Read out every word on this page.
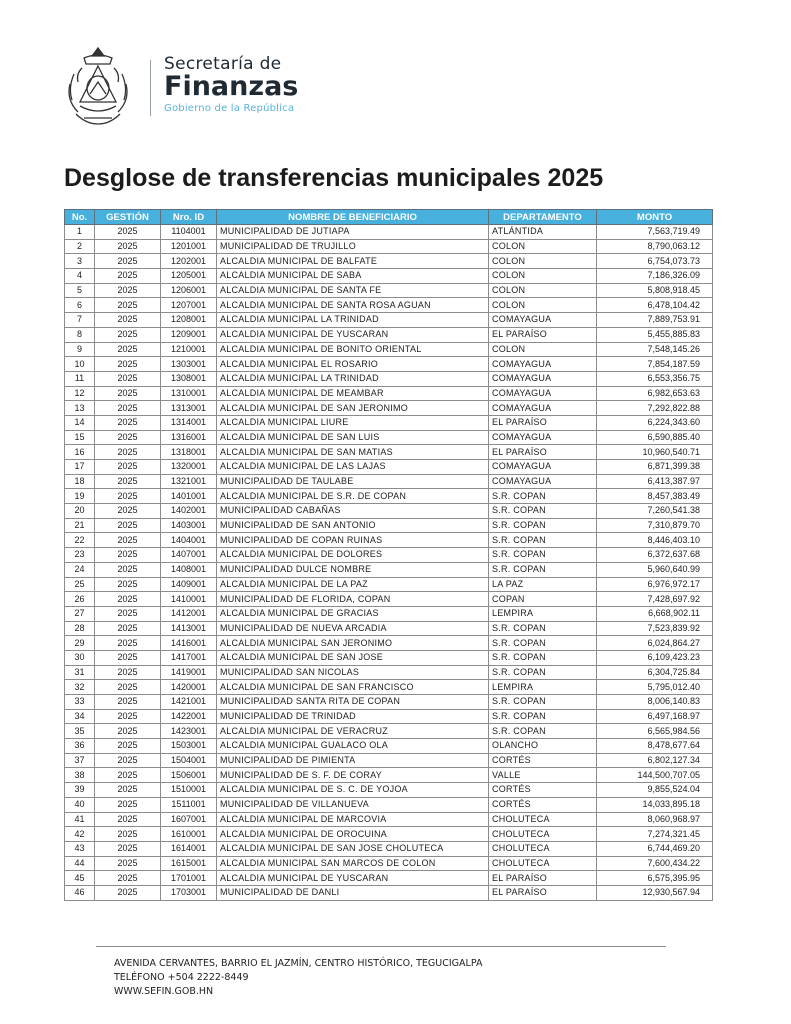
Secretaría de
Finanzas
Gobierno de la República
Desglose de transferencias municipales 2025
No.	GESTIÓN	Nro. ID	NOMBRE DE BENEFICIARIO	DEPARTAMENTO	MONTO
1	2025	1104001	MUNICIPALIDAD DE JUTIAPA	ATLÁNTIDA	7,563,719.49
2	2025	1201001	MUNICIPALIDAD DE TRUJILLO	COLON	8,790,063.12
3	2025	1202001	ALCALDIA MUNICIPAL DE BALFATE	COLON	6,754,073.73
4	2025	1205001	ALCALDIA MUNICIPAL DE SABA	COLON	7,186,326.09
5	2025	1206001	ALCALDIA MUNICIPAL DE SANTA FE	COLON	5,808,918.45
6	2025	1207001	ALCALDIA MUNICIPAL DE SANTA ROSA AGUAN	COLON	6,478,104.42
7	2025	1208001	ALCALDIA MUNICIPAL LA TRINIDAD	COMAYAGUA	7,889,753.91
8	2025	1209001	ALCALDIA MUNICIPAL DE YUSCARAN	EL PARAÍSO	5,455,885.83
9	2025	1210001	ALCALDIA MUNICIPAL DE BONITO ORIENTAL	COLON	7,548,145.26
10	2025	1303001	ALCALDIA MUNICIPAL EL ROSARIO	COMAYAGUA	7,854,187.59
11	2025	1308001	ALCALDIA MUNICIPAL LA TRINIDAD	COMAYAGUA	6,553,356.75
12	2025	1310001	ALCALDIA MUNICIPAL DE MEAMBAR	COMAYAGUA	6,982,653.63
13	2025	1313001	ALCALDIA MUNICIPAL DE SAN JERONIMO	COMAYAGUA	7,292,822.88
14	2025	1314001	ALCALDIA MUNICIPAL LIURE	EL PARAÍSO	6,224,343.60
15	2025	1316001	ALCALDIA MUNICIPAL DE SAN LUIS	COMAYAGUA	6,590,885.40
16	2025	1318001	ALCALDIA MUNICIPAL DE SAN MATIAS	EL PARAÍSO	10,960,540.71
17	2025	1320001	ALCALDIA MUNICIPAL DE LAS LAJAS	COMAYAGUA	6,871,399.38
18	2025	1321001	MUNICIPALIDAD DE TAULABE	COMAYAGUA	6,413,387.97
19	2025	1401001	ALCALDIA MUNICIPAL DE S.R. DE COPAN	S.R. COPAN	8,457,383.49
20	2025	1402001	MUNICIPALIDAD CABAÑAS	S.R. COPAN	7,260,541.38
21	2025	1403001	MUNICIPALIDAD DE SAN ANTONIO	S.R. COPAN	7,310,879.70
22	2025	1404001	MUNICIPALIDAD DE COPAN RUINAS	S.R. COPAN	8,446,403.10
23	2025	1407001	ALCALDIA MUNICIPAL DE DOLORES	S.R. COPAN	6,372,637.68
24	2025	1408001	MUNICIPALIDAD DULCE NOMBRE	S.R. COPAN	5,960,640.99
25	2025	1409001	ALCALDIA MUNICIPAL DE LA PAZ	LA PAZ	6,976,972.17
26	2025	1410001	MUNICIPALIDAD DE FLORIDA, COPAN	COPAN	7,428,697.92
27	2025	1412001	ALCALDIA MUNICIPAL DE GRACIAS	LEMPIRA	6,668,902.11
28	2025	1413001	MUNICIPALIDAD DE NUEVA ARCADIA	S.R. COPAN	7,523,839.92
29	2025	1416001	ALCALDIA MUNICIPAL SAN JERONIMO	S.R. COPAN	6,024,864.27
30	2025	1417001	ALCALDIA MUNICIPAL DE SAN JOSE	S.R. COPAN	6,109,423.23
31	2025	1419001	MUNICIPALIDAD SAN NICOLAS	S.R. COPAN	6,304,725.84
32	2025	1420001	ALCALDIA MUNICIPAL DE SAN FRANCISCO	LEMPIRA	5,795,012.40
33	2025	1421001	MUNICIPALIDAD SANTA RITA DE COPAN	S.R. COPAN	8,006,140.83
34	2025	1422001	MUNICIPALIDAD DE TRINIDAD	S.R. COPAN	6,497,168.97
35	2025	1423001	ALCALDIA MUNICIPAL DE VERACRUZ	S.R. COPAN	6,565,984.56
36	2025	1503001	ALCALDIA MUNICIPAL GUALACO OLA	OLANCHO	8,478,677.64
37	2025	1504001	MUNICIPALIDAD DE PIMIENTA	CORTÉS	6,802,127.34
38	2025	1506001	MUNICIPALIDAD DE S. F. DE CORAY	VALLE	144,500,707.05
39	2025	1510001	ALCALDIA MUNICIPAL DE S. C. DE YOJOA	CORTÉS	9,855,524.04
40	2025	1511001	MUNICIPALIDAD DE VILLANUEVA	CORTÉS	14,033,895.18
41	2025	1607001	ALCALDIA MUNICIPAL DE MARCOVIA	CHOLUTECA	8,060,968.97
42	2025	1610001	ALCALDIA MUNICIPAL DE OROCUINA	CHOLUTECA	7,274,321.45
43	2025	1614001	ALCALDIA MUNICIPAL DE SAN JOSE CHOLUTECA	CHOLUTECA	6,744,469.20
44	2025	1615001	ALCALDIA MUNICIPAL SAN MARCOS DE COLON	CHOLUTECA	7,600,434.22
45	2025	1701001	ALCALDIA MUNICIPAL DE YUSCARAN	EL PARAÍSO	6,575,395.95
46	2025	1703001	MUNICIPALIDAD DE DANLI	EL PARAÍSO	12,930,567.94
AVENIDA CERVANTES, BARRIO EL JAZMÍN, CENTRO HISTÓRICO, TEGUCIGALPA
TELÉFONO +504 2222-8449
WWW.SEFIN.GOB.HN
